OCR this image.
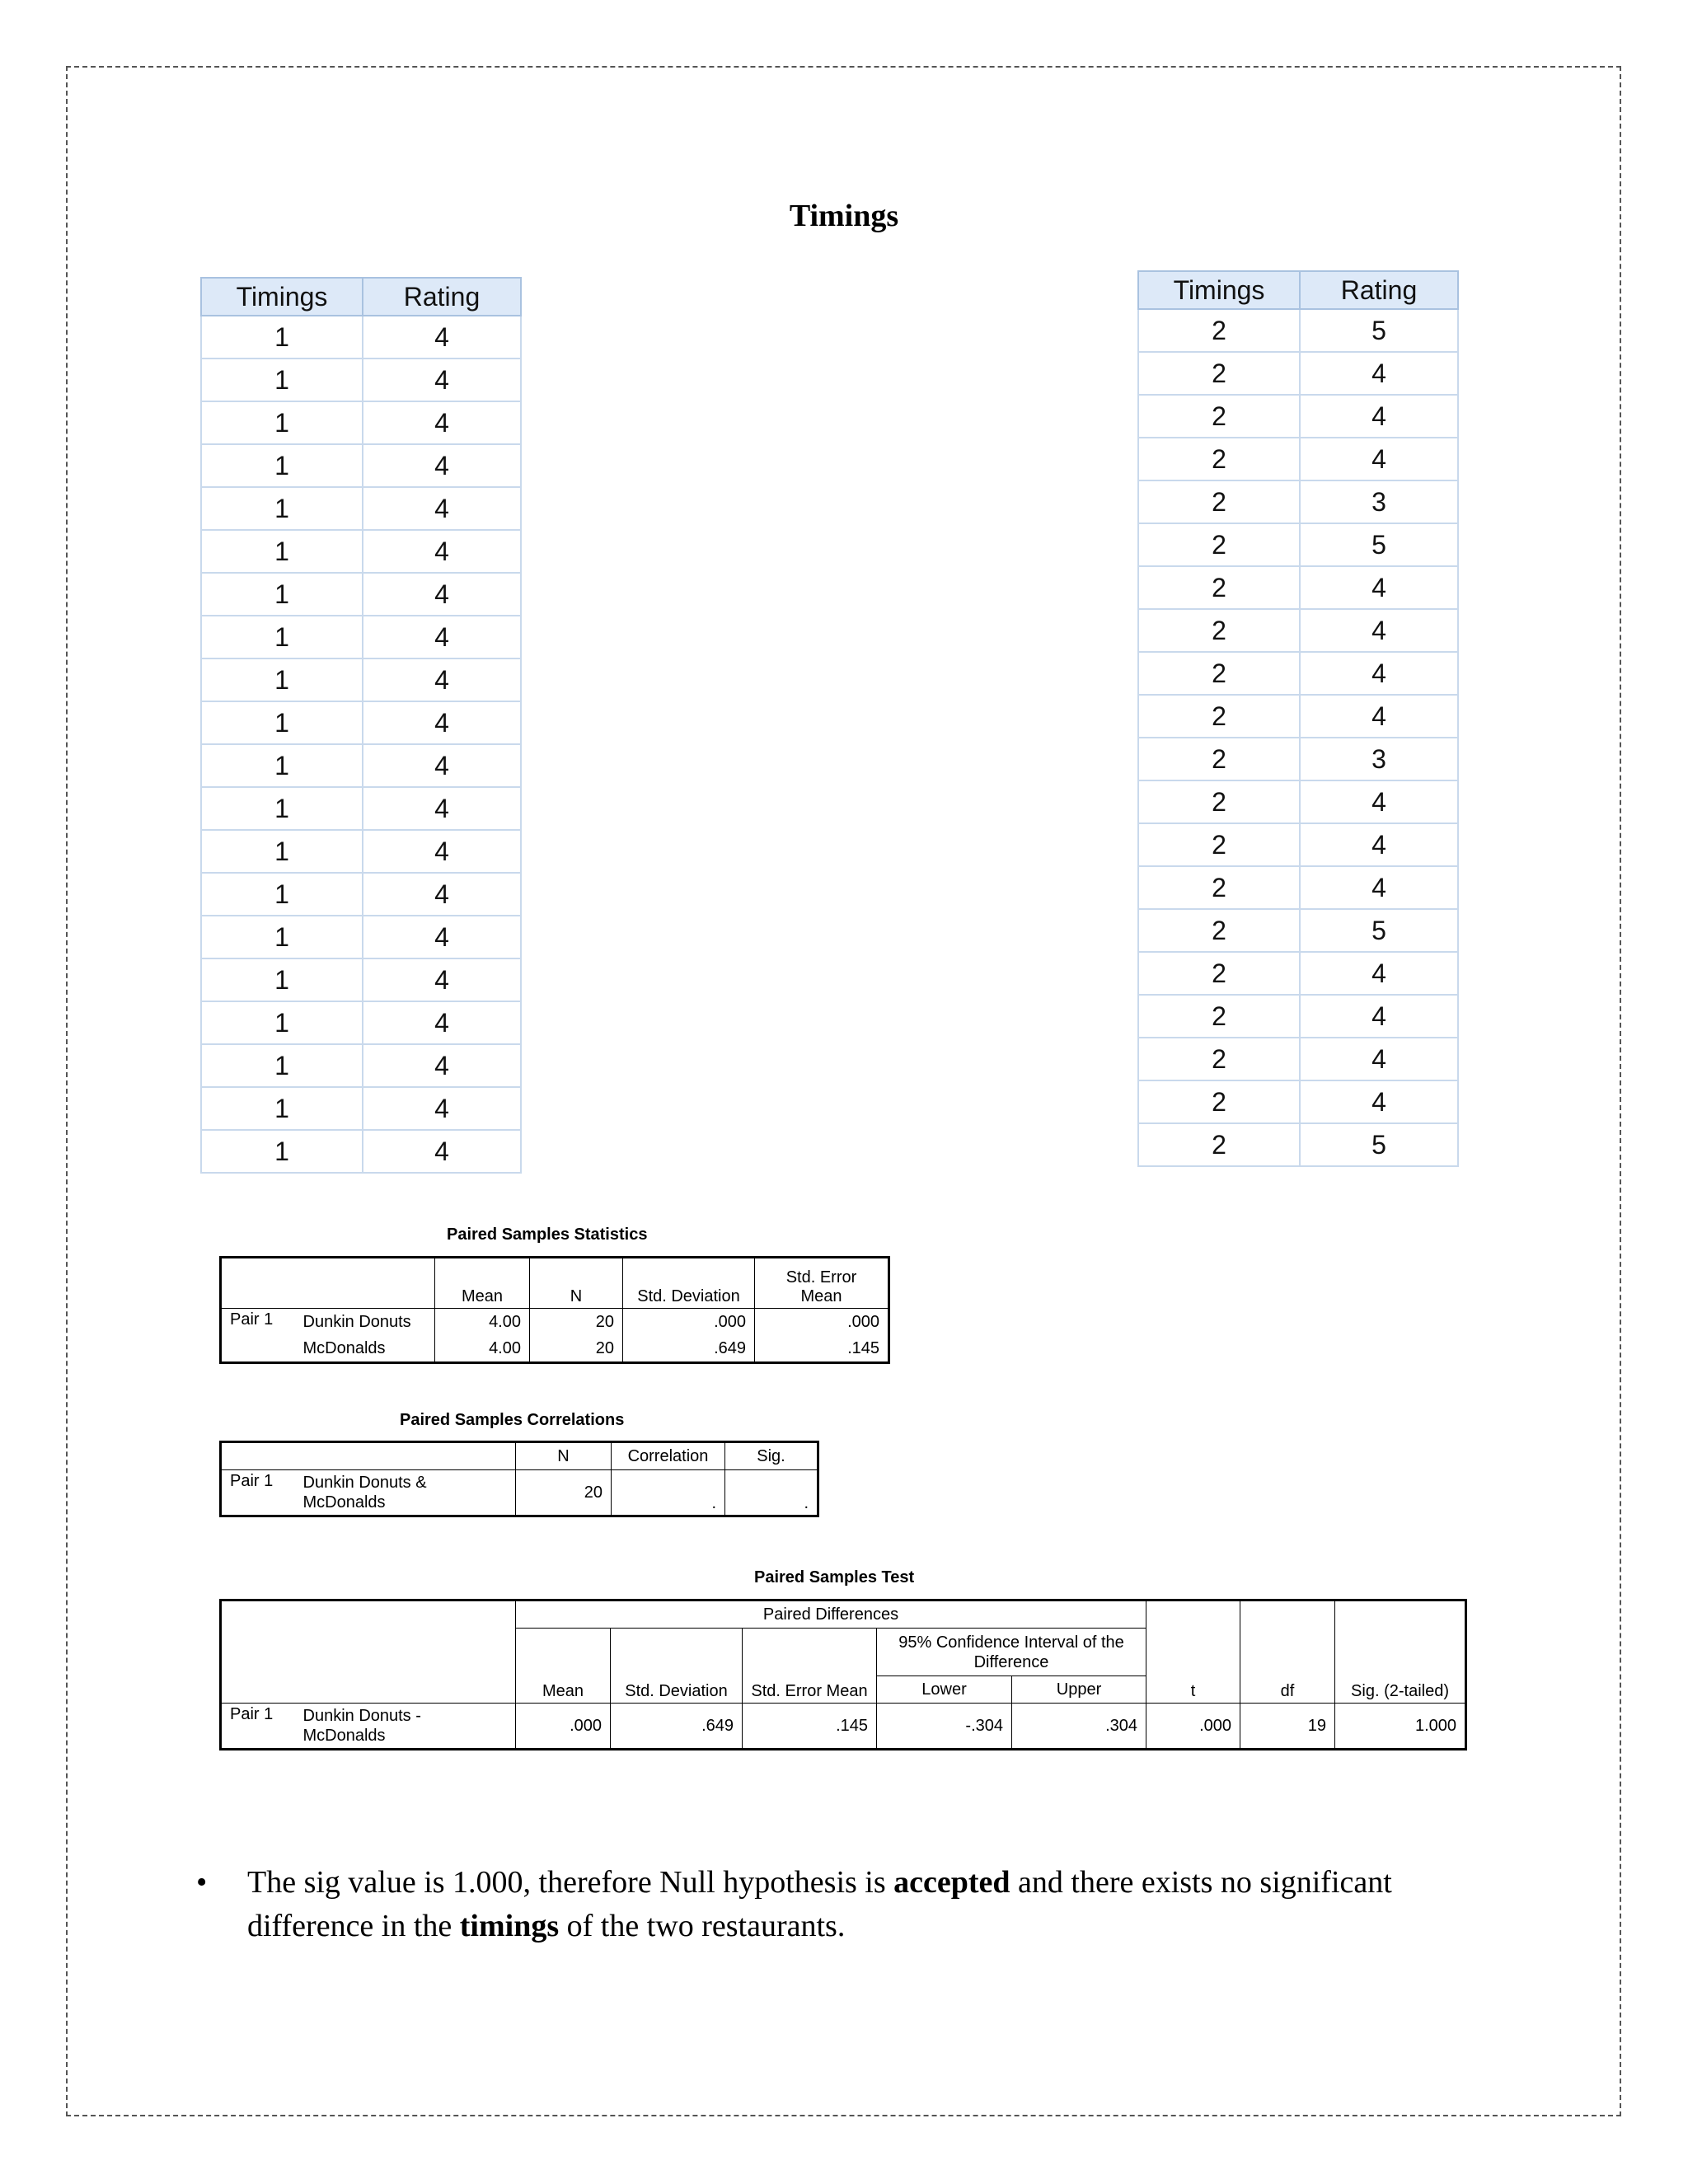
Timings
Timings	Rating
1	4
1	4
1	4
1	4
1	4
1	4
1	4
1	4
1	4
1	4
1	4
1	4
1	4
1	4
1	4
1	4
1	4
1	4
1	4
1	4
Timings	Rating
2	5
2	4
2	4
2	4
2	3
2	5
2	4
2	4
2	4
2	4
2	3
2	4
2	4
2	4
2	5
2	4
2	4
2	4
2	4
2	5
Paired Samples Statistics
		Mean	N	Std. Deviation	Std. Error Mean
Pair 1	Dunkin Donuts	4.00	20	.000	.000
	McDonalds	4.00	20	.649	.145
Paired Samples Correlations
		N	Correlation	Sig.
Pair 1	Dunkin Donuts & McDonalds	20	.	.
Paired Samples Test
		Paired Differences					t	df	Sig. (2-tailed)
		Mean	Std. Deviation	Std. Error Mean	95% Confidence Interval of the Difference				
					Lower	Upper			
Pair 1	Dunkin Donuts - McDonalds	.000	.649	.145	-.304	.304	.000	19	1.000
• The sig value is 1.000, therefore Null hypothesis is accepted and there exists no significant difference in the timings of the two restaurants.
